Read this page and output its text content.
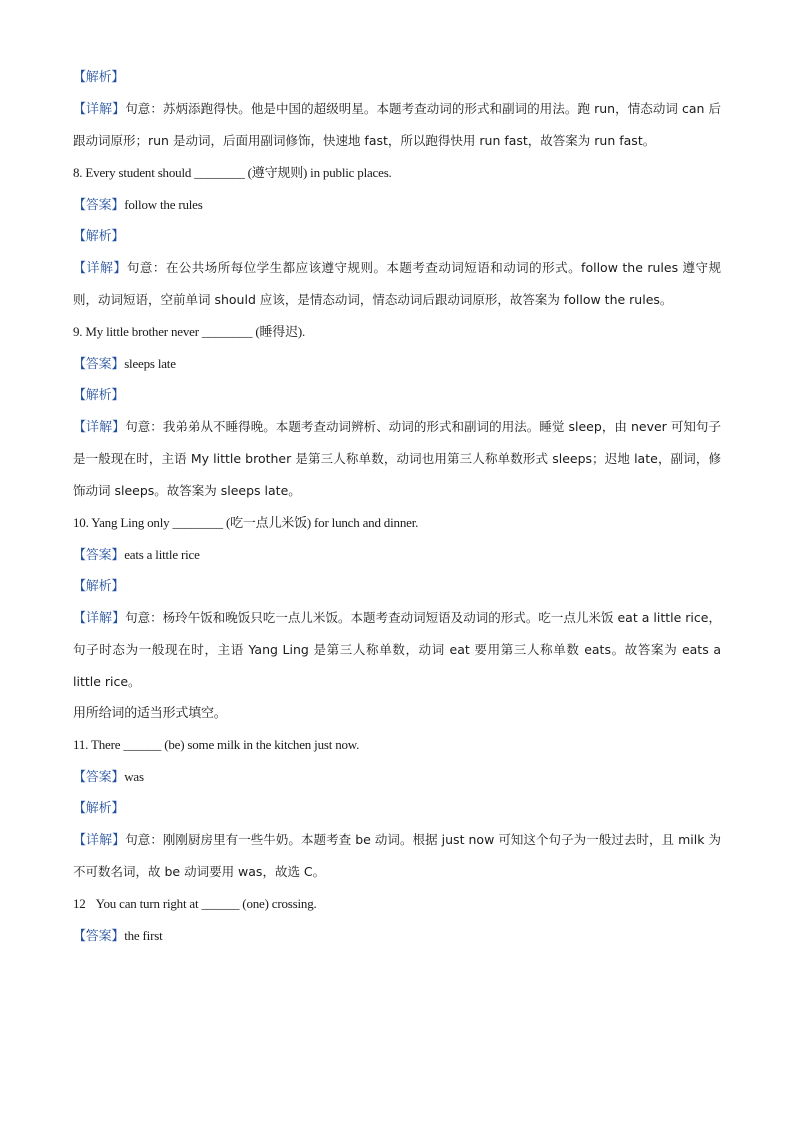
【解析】
【详解】句意：苏炳添跑得快。他是中国的超级明星。本题考查动词的形式和副词的用法。跑 run，情态动词 can 后跟动词原形；run 是动词，后面用副词修饰，快速地 fast，所以跑得快用 run fast，故答案为 run fast。
8. Every student should ________ (遵守规则) in public places.
【答案】follow the rules
【解析】
【详解】句意：在公共场所每位学生都应该遵守规则。本题考查动词短语和动词的形式。follow the rules 遵守规则，动词短语，空前单词 should 应该，是情态动词，情态动词后跟动词原形，故答案为 follow the rules。
9. My little brother never ________ (睡得迟).
【答案】sleeps late
【解析】
【详解】句意：我弟弟从不睡得晚。本题考查动词辨析、动词的形式和副词的用法。睡觉 sleep，由 never 可知句子是一般现在时，主语 My little brother 是第三人称单数，动词也用第三人称单数形式 sleeps；迟地 late，副词，修饰动词 sleeps。故答案为 sleeps late。
10. Yang Ling only ________ (吃一点儿米饭) for lunch and dinner.
【答案】eats a little rice
【解析】
【详解】句意：杨玲午饭和晚饭只吃一点儿米饭。本题考查动词短语及动词的形式。吃一点儿米饭 eat a little rice，句子时态为一般现在时，主语 Yang Ling 是第三人称单数，动词 eat 要用第三人称单数 eats。故答案为 eats a little rice。
用所给词的适当形式填空。
11. There ______ (be) some milk in the kitchen just now.
【答案】was
【解析】
【详解】句意：刚刚厨房里有一些牛奶。本题考查 be 动词。根据 just now 可知这个句子为一般过去时，且 milk 为不可数名词，故 be 动词要用 was，故选 C。
12 You can turn right at ______ (one) crossing.
【答案】the first
